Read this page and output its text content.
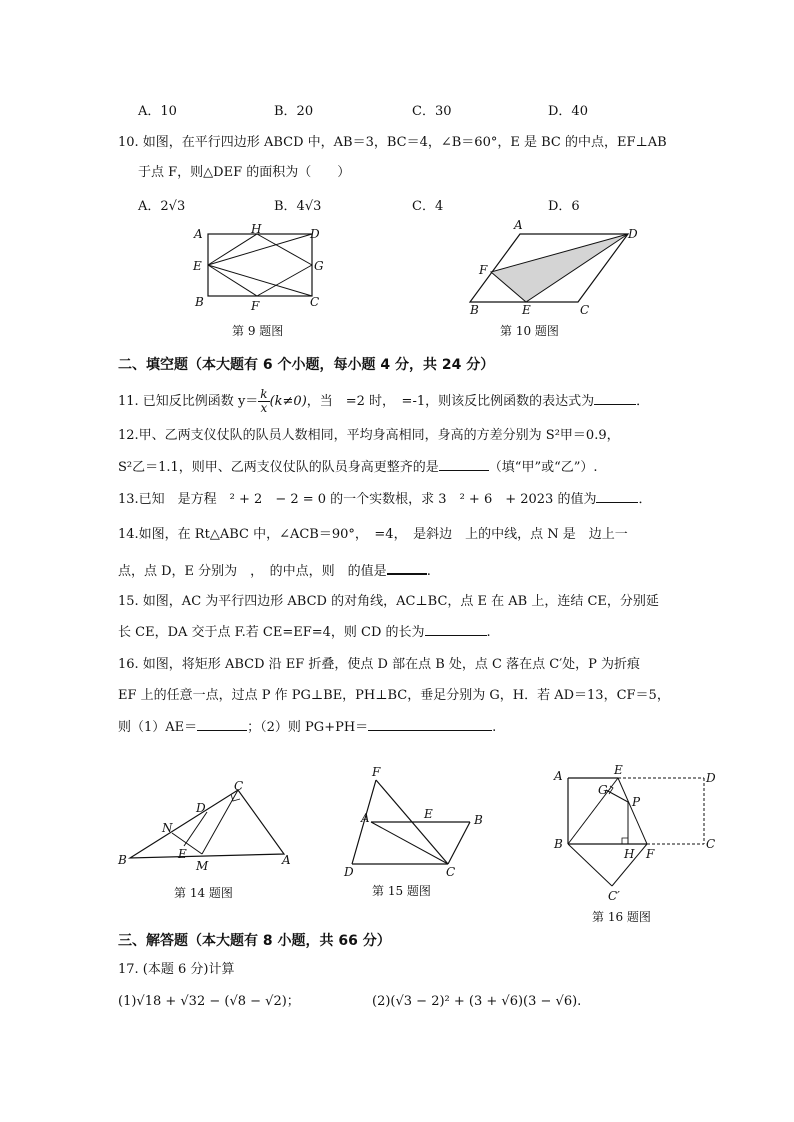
A．10	B．20	C．30	D．40
10. 如图，在平行四边形 ABCD 中，AB＝3，BC＝4，∠B＝60°，E 是 BC 的中点，EF⊥AB
于点 F，则△DEF 的面积为（　　）
A．2√3	B．4√3	C．4	D．6
A	H	D
E	G
B	F	C
第 9 题图
A
D
F
B	E	C
第 10 题图
二、填空题（本大题有 6 个小题，每小题 4 分，共 24 分）
11. 已知反比例函数 $y= \frac{k}{x} (k\ne 0)$，当　=2 时，　=-1，则该反比例函数的表达式为	．
12.甲、乙两支仪仗队的队员人数相同，平均身高相同，身高的方差分别为 S²甲＝0.9，
S²乙＝1.1，则甲、乙两支仪仗队的队员身高更整齐的是	（填“甲”或“乙”）.
13.已知　是方程　² + 2　− 2 = 0 的一个实数根，求 3　² + 6　+ 2023 的值为	．
14.如图，在 Rt△ABC 中，∠ACB＝90°，　=4，　是斜边　上的中线，点 N 是　边上一
点，点 D，E 分别为　，　的中点，则　的值是	.
15. 如图，AC 为平行四边形 ABCD 的对角线，AC⊥BC，点 E 在 AB 上，连结 CE，分别延
长 CE，DA 交于点 F.若 CE=EF=4，则 CD 的长为	.
16. 如图，将矩形 ABCD 沿 EF 折叠，使点 D 部在点 B 处，点 C 落在点 C′处，P 为折痕
EF 上的任意一点，过点 P 作 PG⊥BE，PH⊥BC，垂足分别为 G，H．若 AD＝13，CF＝5，
则（1）AE＝	；（2）则 PG+PH＝	.
C
D
N
E
B	M	A
第 14 题图
F
A	E	B
D	C
第 15 题图
A	E
D
G
P
B
H F
C
C′
第 16 题图
三、解答题（本大题有 8 小题，共 66 分）
17. (本题 6 分)计算
(1)√18 + √32 − (√8 − √2)；	(2)(√3 − 2)² + (3 + √6)(3 − √6).
